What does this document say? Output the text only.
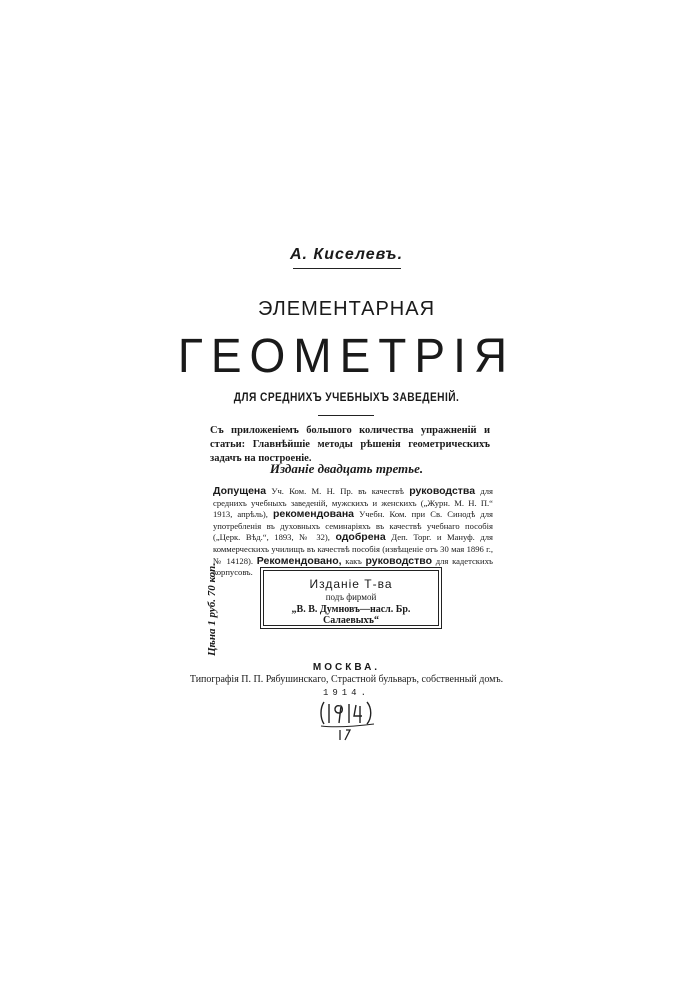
А. Киселевъ.
ЭЛЕМЕНТАРНАЯ
ГЕОМЕТРІЯ
ДЛЯ СРЕДНИХЪ УЧЕБНЫХЪ ЗАВЕДЕНІЙ.
Съ приложеніемъ большого количества упражненій и статьи: Главнѣйшіе методы рѣшенія геометрическихъ задачъ на построеніе.
Изданіе двадцать третье.
Допущена Уч. Ком. М. Н. Пр. въ качествѣ руководства для среднихъ учебныхъ заведеній, мужскихъ и женскихъ („Журн. М. Н. П.“ 1913, апрѣль), рекомендована Учебн. Ком. при Св. Синодѣ для употребленія въ духовныхъ семинаріяхъ въ качествѣ учебнаго пособія („Церк. Вѣд.“, 1893, № 32), одобрена Деп. Торг. и Мануф. для коммерческихъ училищъ въ качествѣ пособія (извѣщеніе отъ 30 мая 1896 г., № 14128). Рекомендовано, какъ руководство для кадетскихъ корпусовъ.
Цѣна 1 руб. 70 коп.	Изданіе Т-ва
подъ фирмой
„В. В. Думновъ—насл. Бр. Салаевыхъ“
МОСКВА.
Типографія П. П. Рябушинскаго, Страстной бульваръ, собственный домъ.
1914.
